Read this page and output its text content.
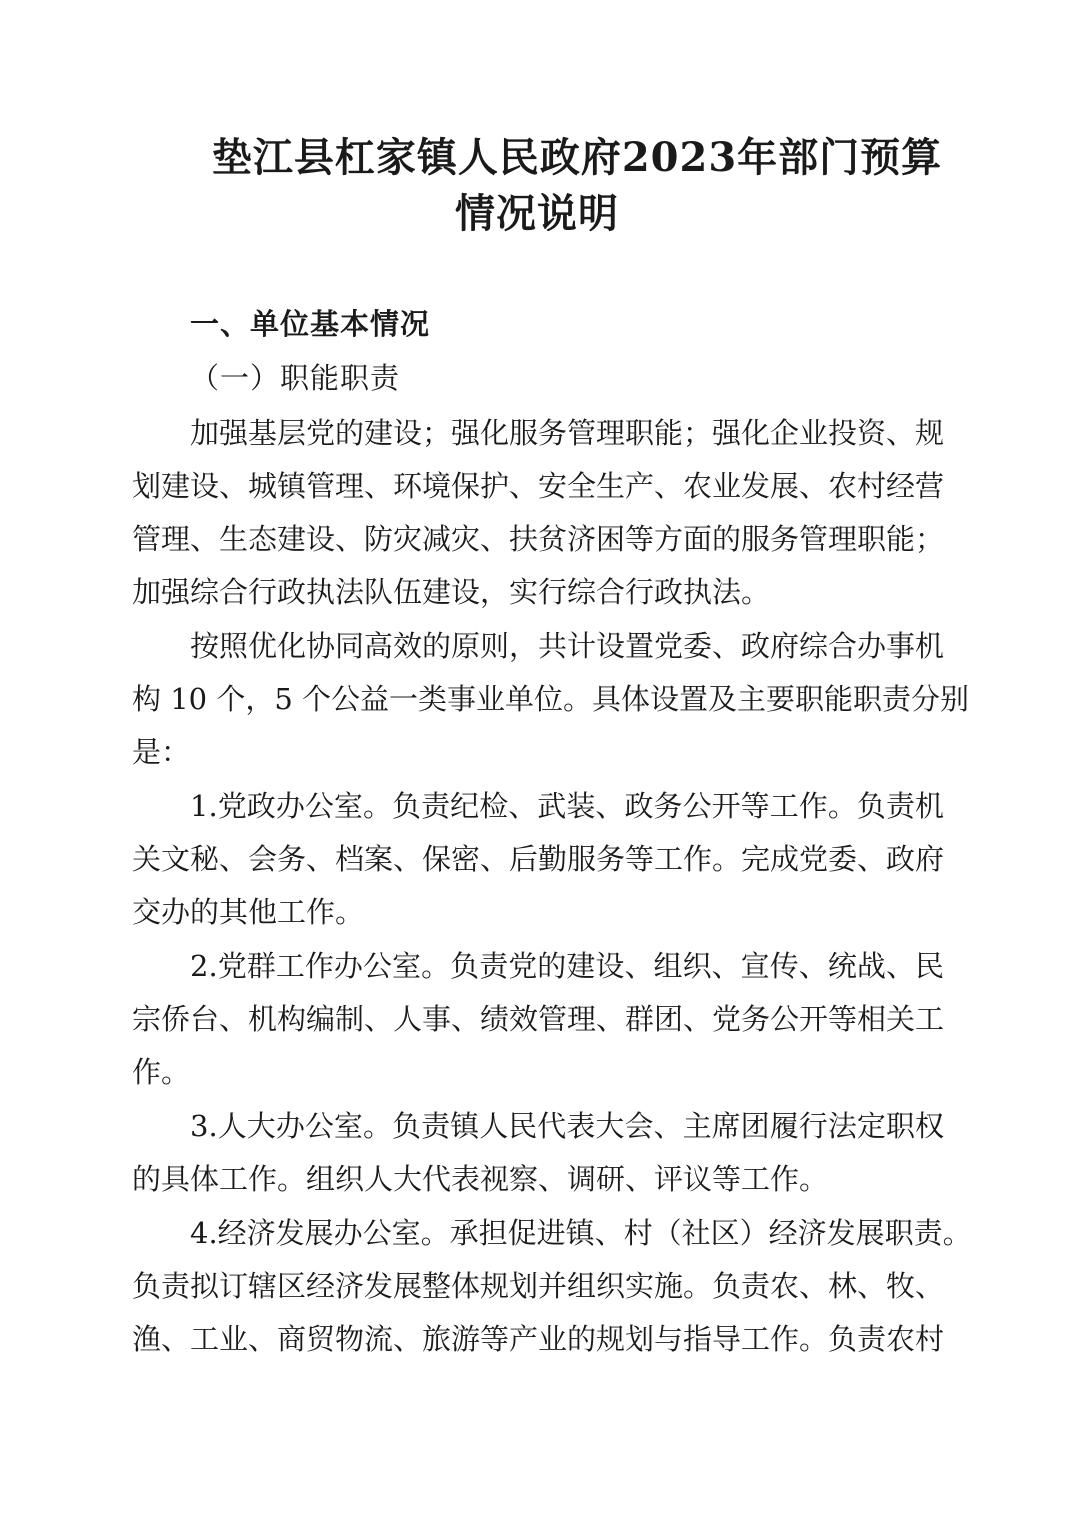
垫江县杠家镇人民政府2023年部门预算
情况说明
一、单位基本情况
（一）职能职责
加强基层党的建设；强化服务管理职能；强化企业投资、规
划建设、城镇管理、环境保护、安全生产、农业发展、农村经营
管理、生态建设、防灾减灾、扶贫济困等方面的服务管理职能；
加强综合行政执法队伍建设，实行综合行政执法。
按照优化协同高效的原则，共计设置党委、政府综合办事机
构 10 个，5 个公益一类事业单位。具体设置及主要职能职责分别
是：
1.党政办公室。负责纪检、武装、政务公开等工作。负责机
关文秘、会务、档案、保密、后勤服务等工作。完成党委、政府
交办的其他工作。
2.党群工作办公室。负责党的建设、组织、宣传、统战、民
宗侨台、机构编制、人事、绩效管理、群团、党务公开等相关工
作。
3.人大办公室。负责镇人民代表大会、主席团履行法定职权
的具体工作。组织人大代表视察、调研、评议等工作。
4.经济发展办公室。承担促进镇、村（社区）经济发展职责。
负责拟订辖区经济发展整体规划并组织实施。负责农、林、牧、
渔、工业、商贸物流、旅游等产业的规划与指导工作。负责农村
